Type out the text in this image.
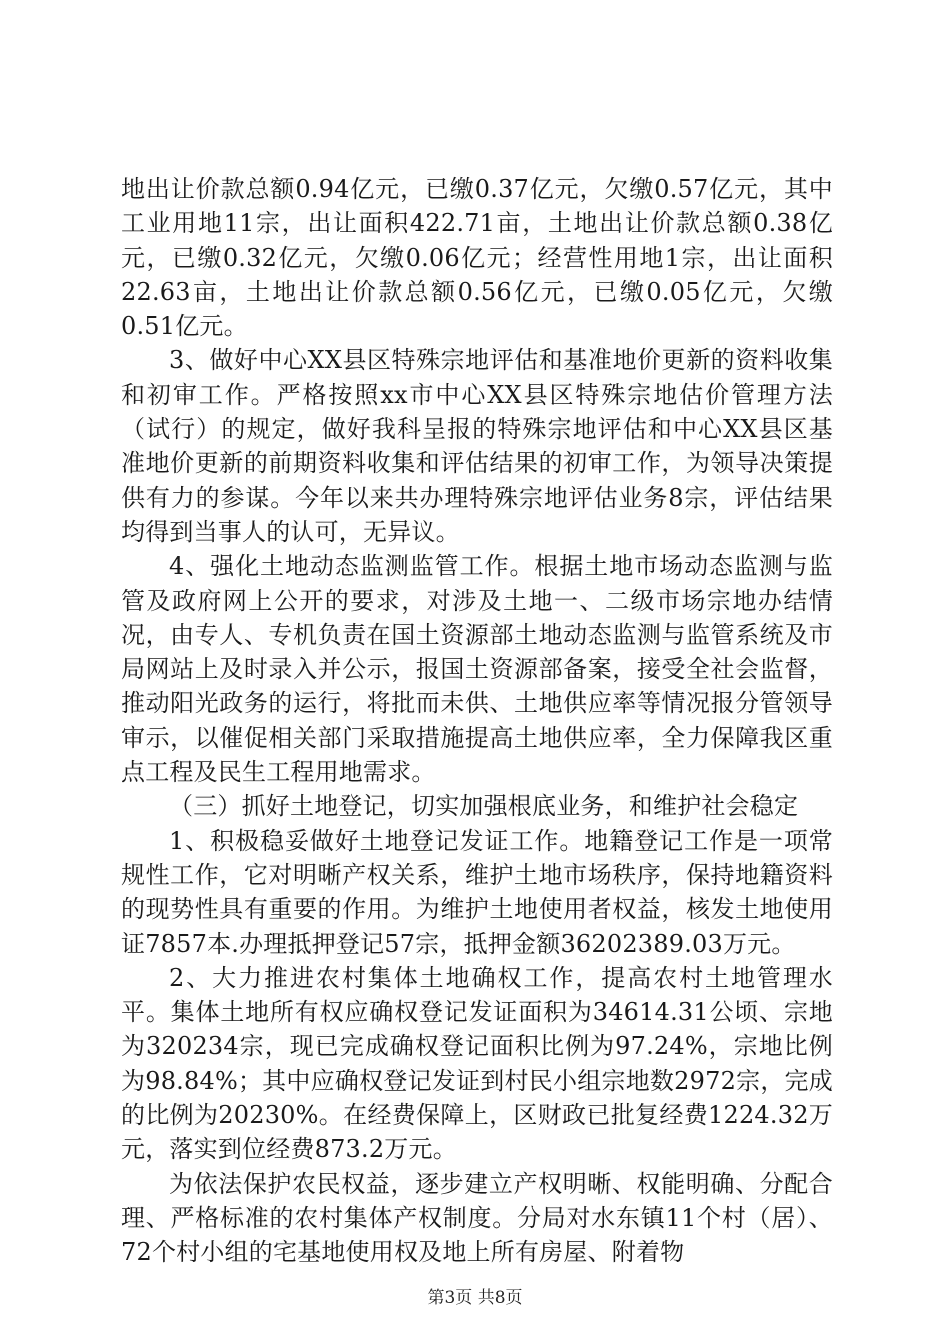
地出让价款总额0.94亿元，已缴0.37亿元，欠缴0.57亿元，其中工业用地11宗，出让面积422.71亩，土地出让价款总额0.38亿元，已缴0.32亿元，欠缴0.06亿元；经营性用地1宗，出让面积22.63亩，土地出让价款总额0.56亿元，已缴0.05亿元，欠缴0.51亿元。

3、做好中心XX县区特殊宗地评估和基准地价更新的资料收集和初审工作。严格按照xx市中心XX县区特殊宗地估价管理方法（试行）的规定，做好我科呈报的特殊宗地评估和中心XX县区基准地价更新的前期资料收集和评估结果的初审工作，为领导决策提供有力的参谋。今年以来共办理特殊宗地评估业务8宗，评估结果均得到当事人的认可，无异议。

4、强化土地动态监测监管工作。根据土地市场动态监测与监管及政府网上公开的要求，对涉及土地一、二级市场宗地办结情况，由专人、专机负责在国土资源部土地动态监测与监管系统及市局网站上及时录入并公示，报国土资源部备案，接受全社会监督，推动阳光政务的运行，将批而未供、土地供应率等情况报分管领导审示，以催促相关部门采取措施提高土地供应率，全力保障我区重点工程及民生工程用地需求。

（三）抓好土地登记，切实加强根底业务，和维护社会稳定

1、积极稳妥做好土地登记发证工作。地籍登记工作是一项常规性工作，它对明晰产权关系，维护土地市场秩序，保持地籍资料的现势性具有重要的作用。为维护土地使用者权益，核发土地使用证7857本.办理抵押登记57宗，抵押金额36202389.03万元。

2、大力推进农村集体土地确权工作，提高农村土地管理水平。集体土地所有权应确权登记发证面积为34614.31公顷、宗地为320234宗，现已完成确权登记面积比例为97.24%，宗地比例为98.84%；其中应确权登记发证到村民小组宗地数2972宗，完成的比例为20230%。在经费保障上，区财政已批复经费1224.32万元，落实到位经费873.2万元。

为依法保护农民权益，逐步建立产权明晰、权能明确、分配合理、严格标准的农村集体产权制度。分局对水东镇11个村（居）、72个村小组的宅基地使用权及地上所有房屋、附着物

第3页 共8页
